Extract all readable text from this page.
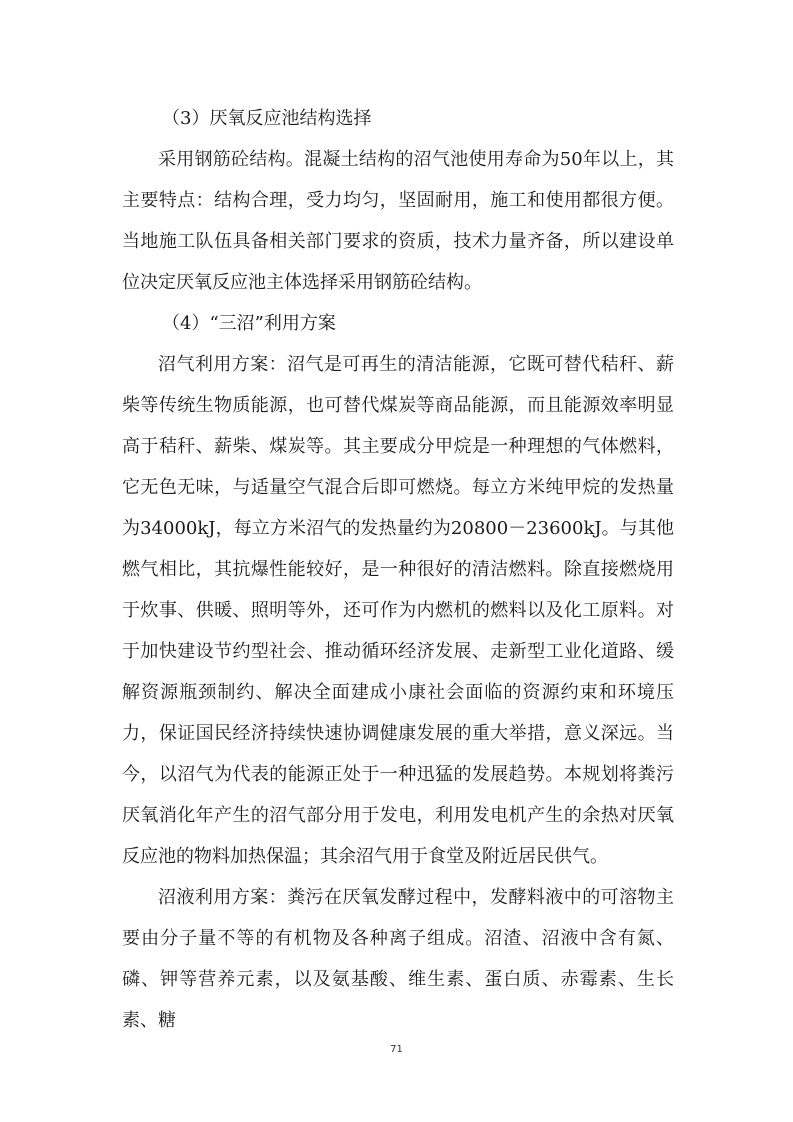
（3）厌氧反应池结构选择

采用钢筋砼结构。混凝土结构的沼气池使用寿命为50年以上，其主要特点：结构合理，受力均匀，坚固耐用，施工和使用都很方便。当地施工队伍具备相关部门要求的资质，技术力量齐备，所以建设单位决定厌氧反应池主体选择采用钢筋砼结构。

（4）“三沼”利用方案

沼气利用方案：沼气是可再生的清洁能源，它既可替代秸秆、薪柴等传统生物质能源，也可替代煤炭等商品能源，而且能源效率明显高于秸秆、薪柴、煤炭等。其主要成分甲烷是一种理想的气体燃料，它无色无味，与适量空气混合后即可燃烧。每立方米纯甲烷的发热量为34000kJ，每立方米沼气的发热量约为20800－23600kJ。与其他燃气相比，其抗爆性能较好，是一种很好的清洁燃料。除直接燃烧用于炊事、供暖、照明等外，还可作为内燃机的燃料以及化工原料。对于加快建设节约型社会、推动循环经济发展、走新型工业化道路、缓解资源瓶颈制约、解决全面建成小康社会面临的资源约束和环境压力，保证国民经济持续快速协调健康发展的重大举措，意义深远。当今，以沼气为代表的能源正处于一种迅猛的发展趋势。本规划将粪污厌氧消化年产生的沼气部分用于发电，利用发电机产生的余热对厌氧反应池的物料加热保温；其余沼气用于食堂及附近居民供气。

沼液利用方案：粪污在厌氧发酵过程中，发酵料液中的可溶物主要由分子量不等的有机物及各种离子组成。沼渣、沼液中含有氮、磷、钾等营养元素，以及氨基酸、维生素、蛋白质、赤霉素、生长素、糖

71
